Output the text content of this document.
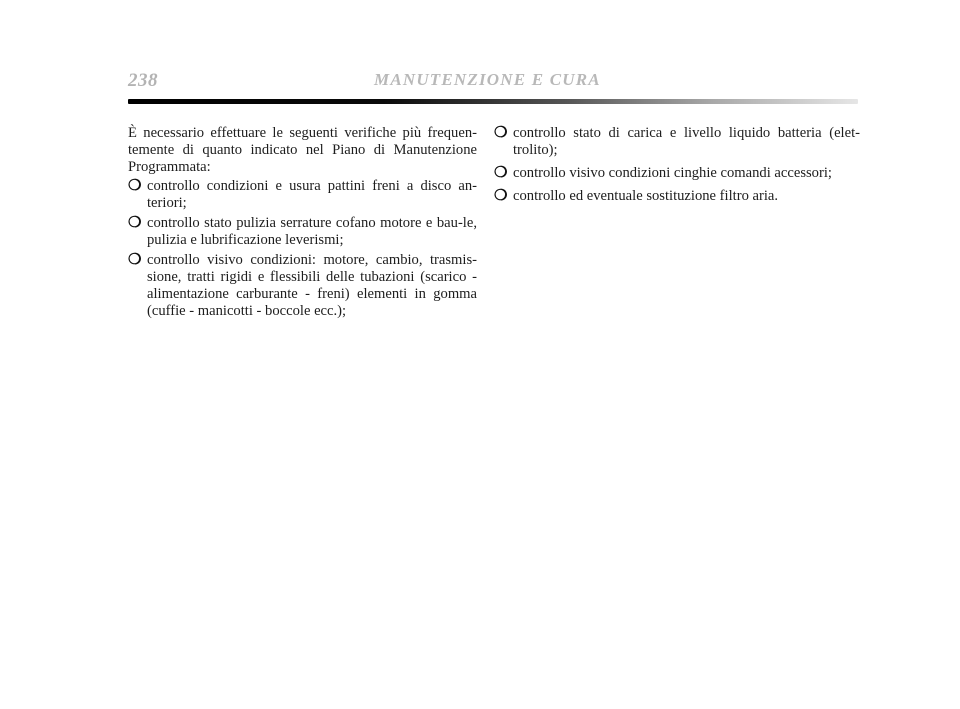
238	MANUTENZIONE E CURA

È necessario effettuare le seguenti verifiche più frequen-temente di quanto indicato nel Piano di Manutenzione Programmata:

❍ controllo condizioni e usura pattini freni a disco an-teriori;
❍ controllo stato pulizia serrature cofano motore e bau-le, pulizia e lubrificazione leverismi;
❍ controllo visivo condizioni: motore, cambio, trasmis-sione, tratti rigidi e flessibili delle tubazioni (scarico - alimentazione carburante - freni) elementi in gomma (cuffie - manicotti - boccole ecc.);
❍ controllo stato di carica e livello liquido batteria (elet-trolito);
❍ controllo visivo condizioni cinghie comandi accessori;
❍ controllo ed eventuale sostituzione filtro aria.
